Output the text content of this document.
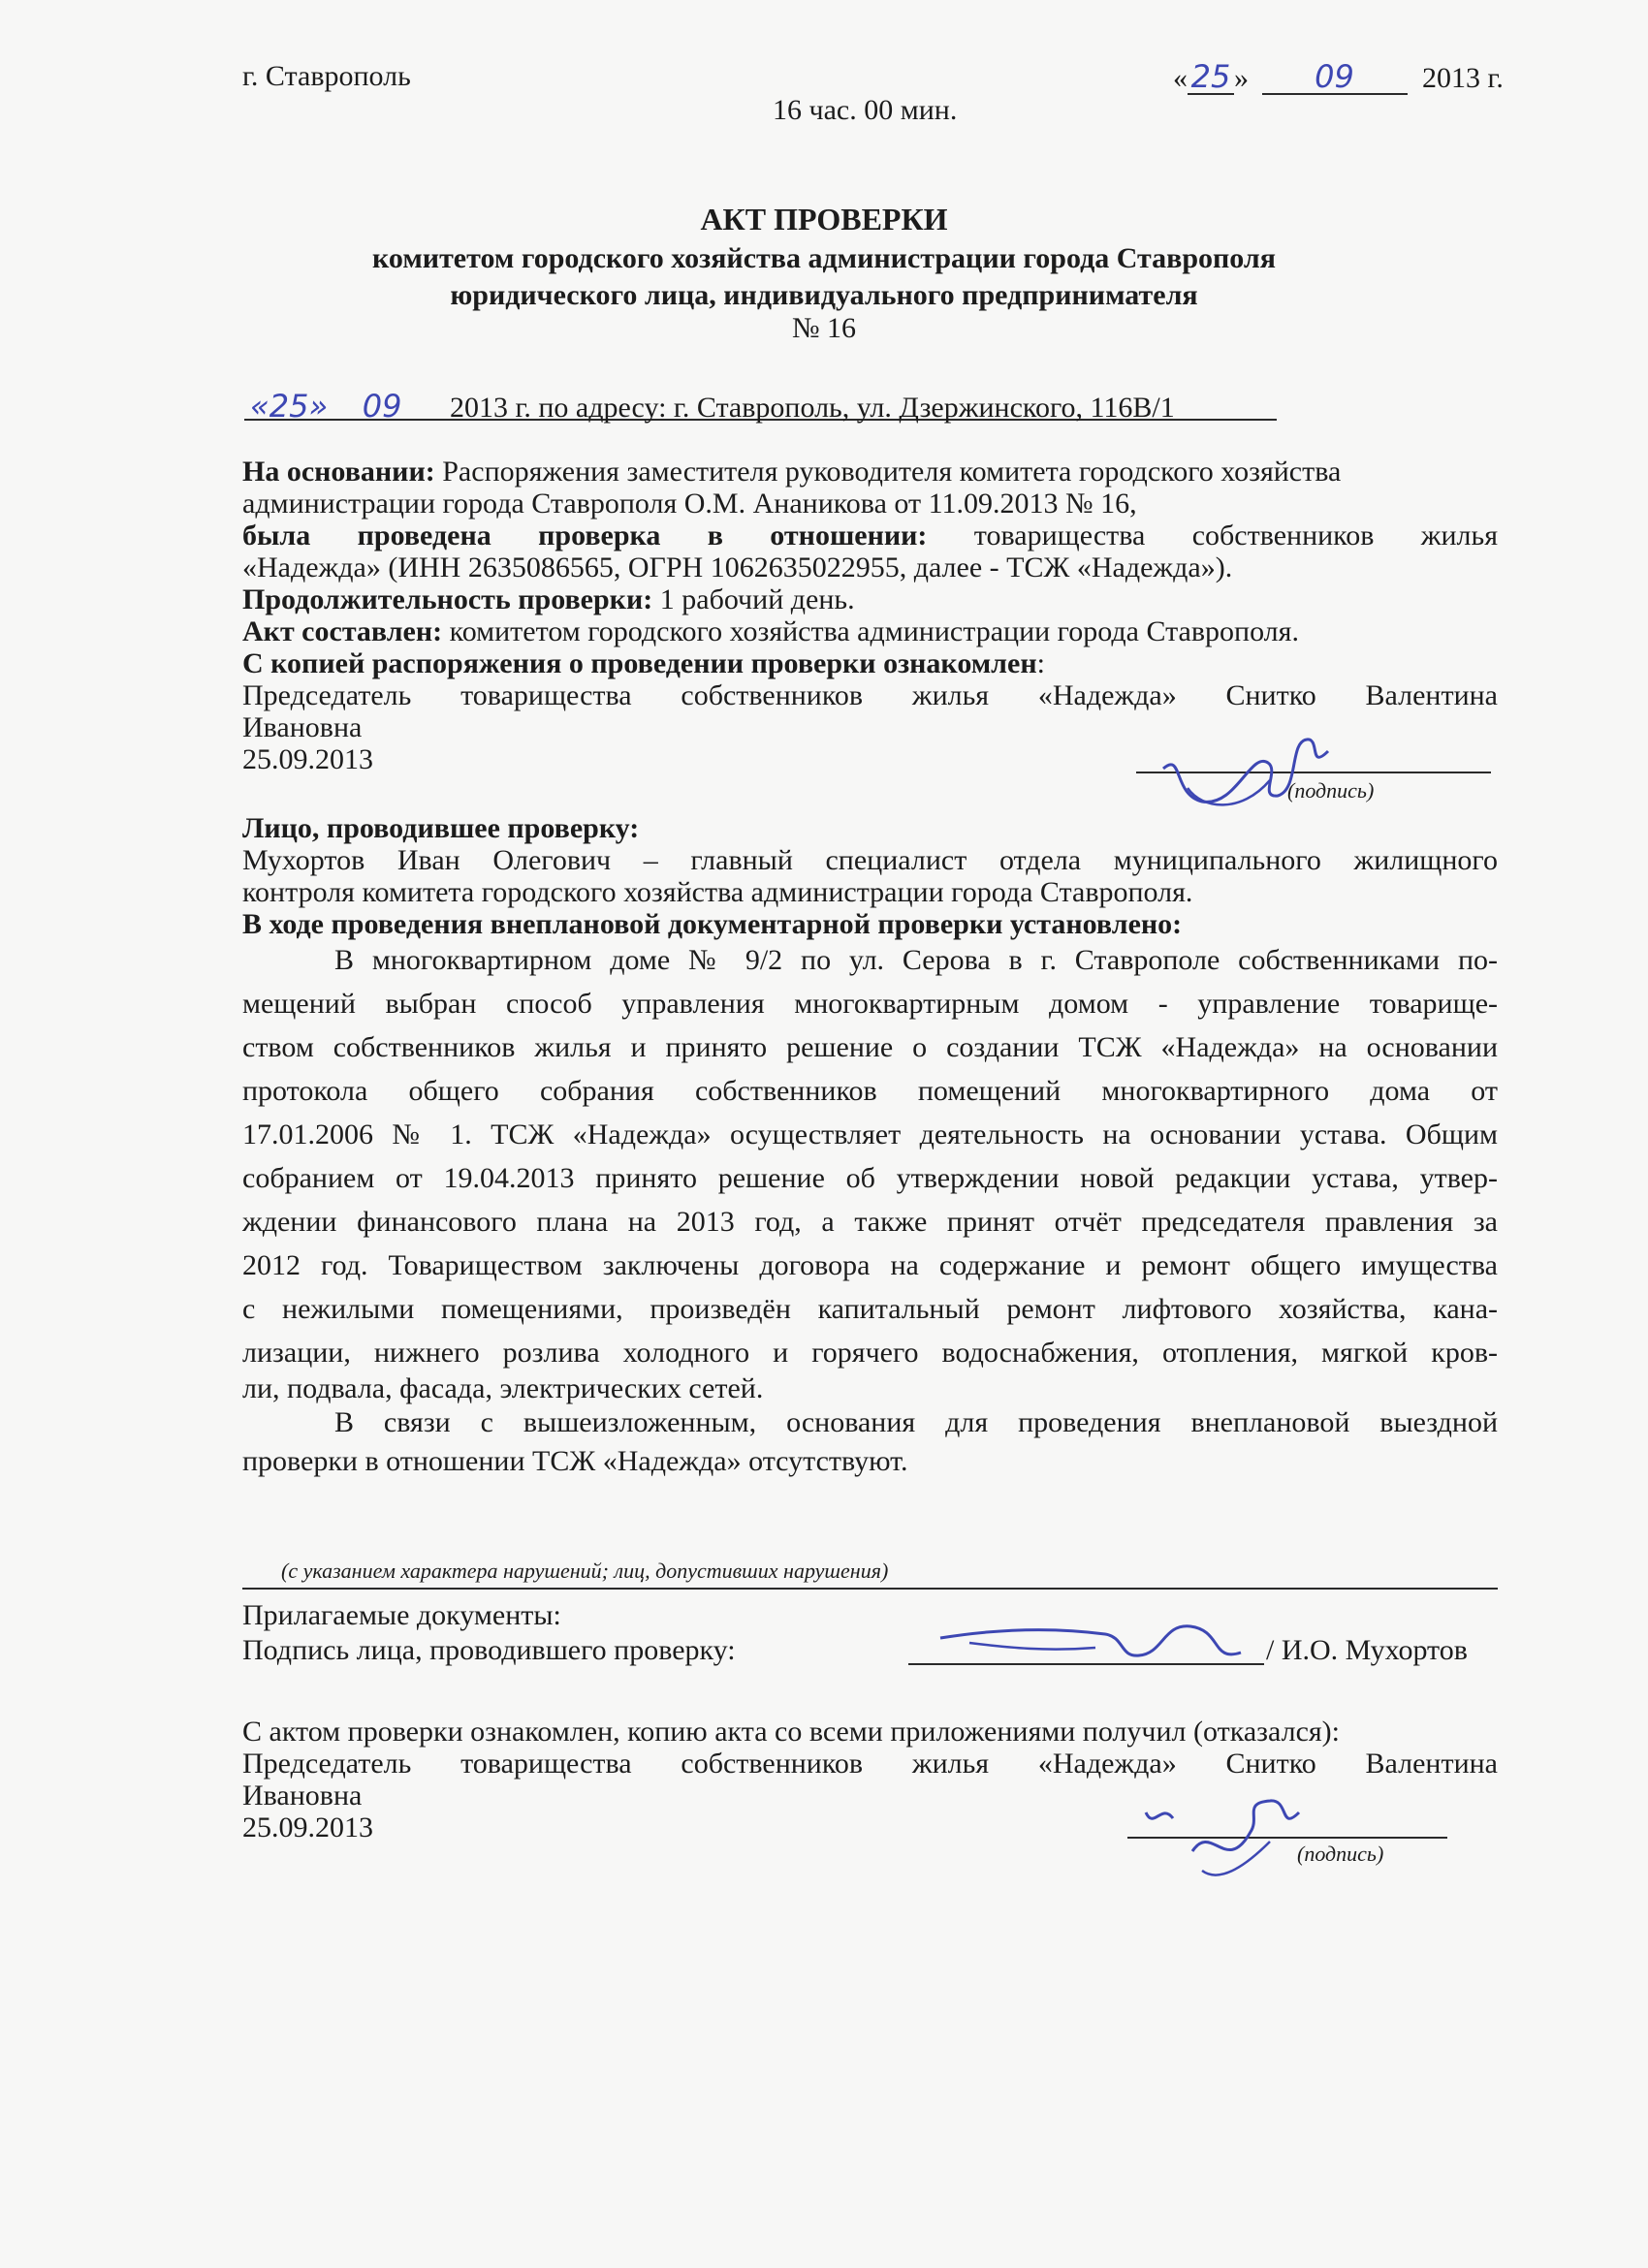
г. Ставрополь	« 25 » 09 2013 г.
16 час. 00 мин.
АКТ ПРОВЕРКИ
комитетом городского хозяйства администрации города Ставрополя
юридического лица, индивидуального предпринимателя
№ 16
«25» 09 2013 г. по адресу: г. Ставрополь, ул. Дзержинского, 116В/1
На основании: Распоряжения заместителя руководителя комитета городского хозяйства
администрации города Ставрополя О.М. Ананикова от 11.09.2013 № 16,
была проведена проверка в отношении: товарищества собственников жилья
«Надежда» (ИНН 2635086565, ОГРН 1062635022955, далее - ТСЖ «Надежда»).
Продолжительность проверки: 1 рабочий день.
Акт составлен: комитетом городского хозяйства администрации города Ставрополя.
С копией распоряжения о проведении проверки ознакомлен:
Председатель товарищества собственников жилья «Надежда» Снитко Валентина
Ивановна
25.09.2013
(подпись)
Лицо, проводившее проверку:
Мухортов Иван Олегович – главный специалист отдела муниципального жилищного
контроля комитета городского хозяйства администрации города Ставрополя.
В ходе проведения внеплановой документарной проверки установлено:
В многоквартирном доме № 9/2 по ул. Серова в г. Ставрополе собственниками по-
мещений выбран способ управления многоквартирным домом - управление товарище-
ством собственников жилья и принято решение о создании ТСЖ «Надежда» на основании
протокола общего собрания собственников помещений многоквартирного дома от
17.01.2006 № 1. ТСЖ «Надежда» осуществляет деятельность на основании устава. Общим
собранием от 19.04.2013 принято решение об утверждении новой редакции устава, утвер-
ждении финансового плана на 2013 год, а также принят отчёт председателя правления за
2012 год. Товариществом заключены договора на содержание и ремонт общего имущества
с нежилыми помещениями, произведён капитальный ремонт лифтового хозяйства, кана-
лизации, нижнего розлива холодного и горячего водоснабжения, отопления, мягкой кров-
ли, подвала, фасада, электрических сетей.
В связи с вышеизложенным, основания для проведения внеплановой выездной
проверки в отношении ТСЖ «Надежда» отсутствуют.
(с указанием характера нарушений; лиц, допустивших нарушения)
Прилагаемые документы:
Подпись лица, проводившего проверку:	/ И.О. Мухортов
С актом проверки ознакомлен, копию акта со всеми приложениями получил (отказался):
Председатель товарищества собственников жилья «Надежда» Снитко Валентина
Ивановна
25.09.2013
(подпись)
